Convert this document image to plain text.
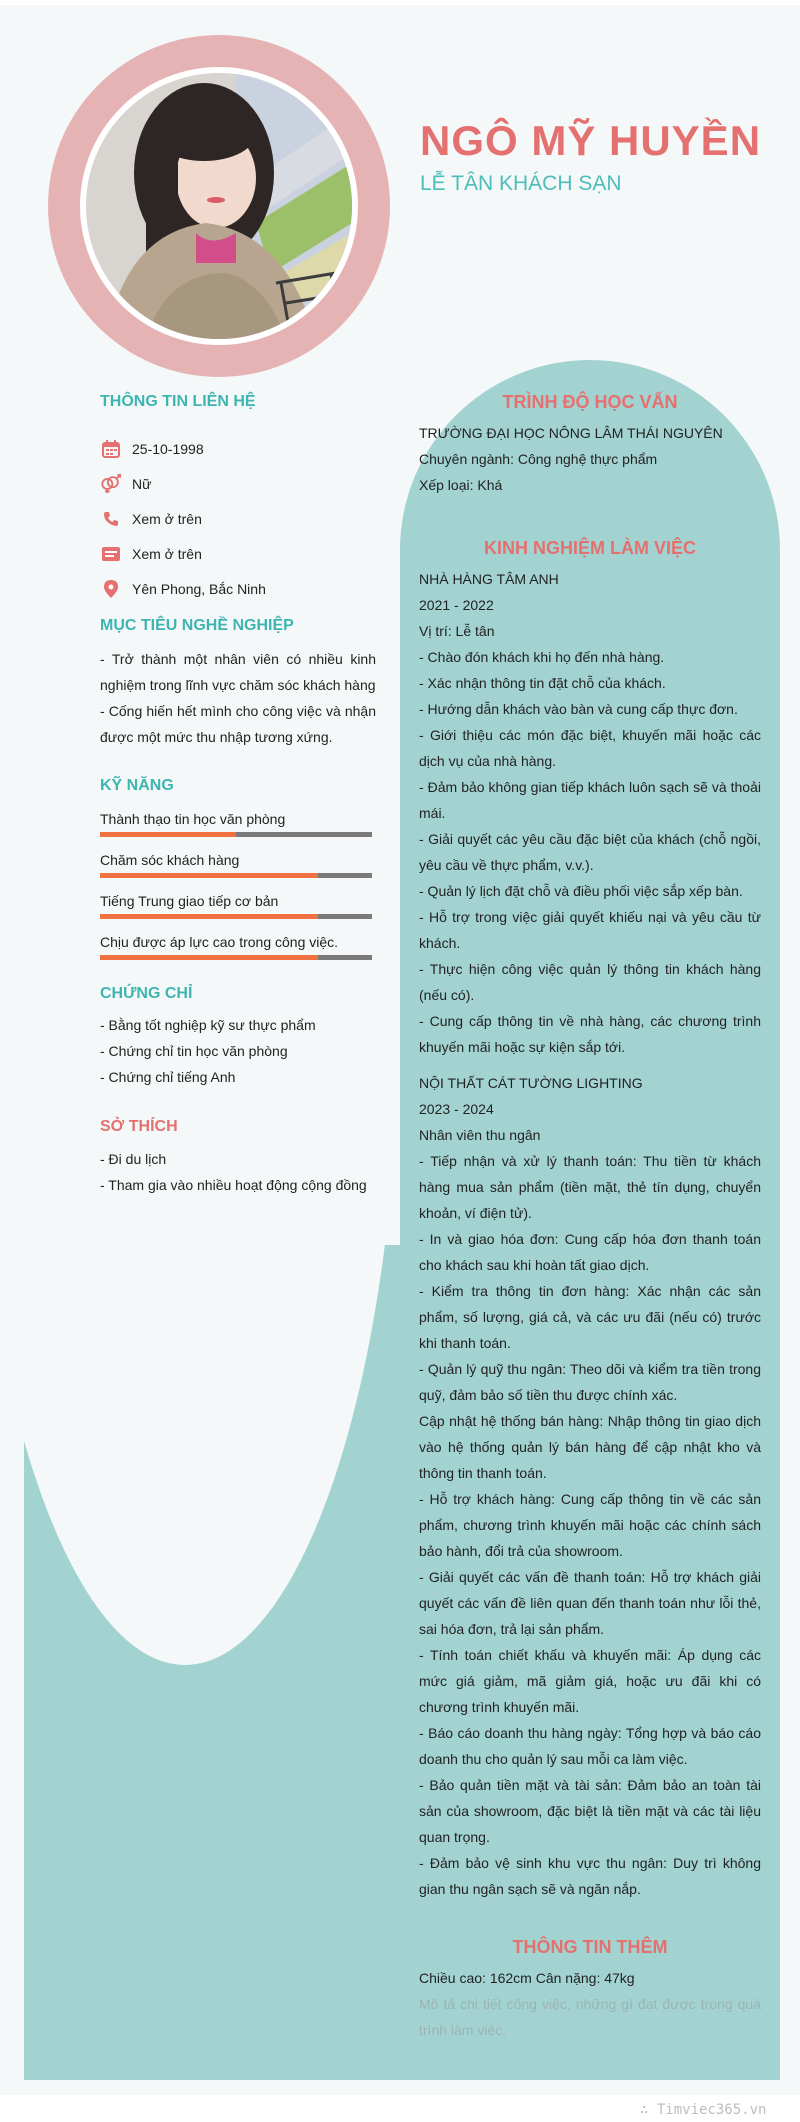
NGÔ MỸ HUYỀN
LỄ TÂN KHÁCH SẠN
THÔNG TIN LIÊN HỆ
25-10-1998
Nữ
Xem ở trên
Xem ở trên
Yên Phong, Bắc Ninh
MỤC TIÊU NGHỀ NGHIỆP
- Trở thành một nhân viên có nhiều kinh nghiệm trong lĩnh vực chăm sóc khách hàng
- Cống hiến hết mình cho công việc và nhận được một mức thu nhập tương xứng.
KỸ NĂNG
Thành thạo tin học văn phòng
Chăm sóc khách hàng
Tiếng Trung giao tiếp cơ bản
Chịu được áp lực cao trong công việc.
CHỨNG CHỈ
- Bằng tốt nghiệp kỹ sư thực phẩm
- Chứng chỉ tin học văn phòng
- Chứng chỉ tiếng Anh
SỞ THÍCH
- Đi du lịch
- Tham gia vào nhiều hoạt động cộng đồng
TRÌNH ĐỘ HỌC VẤN

TRƯỜNG ĐẠI HỌC NÔNG LÂM THÁI NGUYÊN

Chuyên ngành: Công nghệ thực phẩm

Xếp loại: Khá

KINH NGHIỆM LÀM VIỆC

NHÀ HÀNG TÂM ANH

2021 - 2022

Vị trí: Lễ tân

- Chào đón khách khi họ đến nhà hàng.

- Xác nhận thông tin đặt chỗ của khách.

- Hướng dẫn khách vào bàn và cung cấp thực đơn.

- Giới thiệu các món đặc biệt, khuyến mãi hoặc các dịch vụ của nhà hàng.

- Đảm bảo không gian tiếp khách luôn sạch sẽ và thoải mái.

- Giải quyết các yêu cầu đặc biệt của khách (chỗ ngồi, yêu cầu về thực phẩm, v.v.).

- Quản lý lịch đặt chỗ và điều phối việc sắp xếp bàn.

- Hỗ trợ trong việc giải quyết khiếu nại và yêu cầu từ khách.

- Thực hiện công việc quản lý thông tin khách hàng (nếu có).

- Cung cấp thông tin về nhà hàng, các chương trình khuyến mãi hoặc sự kiện sắp tới.

NỘI THẤT CÁT TƯỜNG LIGHTING

2023 - 2024

Nhân viên thu ngân

- Tiếp nhận và xử lý thanh toán: Thu tiền từ khách hàng mua sản phẩm (tiền mặt, thẻ tín dụng, chuyển khoản, ví điện tử).

- In và giao hóa đơn: Cung cấp hóa đơn thanh toán cho khách sau khi hoàn tất giao dịch.

- Kiểm tra thông tin đơn hàng: Xác nhận các sản phẩm, số lượng, giá cả, và các ưu đãi (nếu có) trước khi thanh toán.

- Quản lý quỹ thu ngân: Theo dõi và kiểm tra tiền trong quỹ, đảm bảo số tiền thu được chính xác.

Cập nhật hệ thống bán hàng: Nhập thông tin giao dịch vào hệ thống quản lý bán hàng để cập nhật kho và thông tin thanh toán.

- Hỗ trợ khách hàng: Cung cấp thông tin về các sản phẩm, chương trình khuyến mãi hoặc các chính sách bảo hành, đổi trả của showroom.

- Giải quyết các vấn đề thanh toán: Hỗ trợ khách giải quyết các vấn đề liên quan đến thanh toán như lỗi thẻ, sai hóa đơn, trả lại sản phẩm.

- Tính toán chiết khấu và khuyến mãi: Áp dụng các mức giá giảm, mã giảm giá, hoặc ưu đãi khi có chương trình khuyến mãi.

- Báo cáo doanh thu hàng ngày: Tổng hợp và báo cáo doanh thu cho quản lý sau mỗi ca làm việc.

- Bảo quản tiền mặt và tài sản: Đảm bảo an toàn tài sản của showroom, đặc biệt là tiền mặt và các tài liệu quan trọng.

- Đảm bảo vệ sinh khu vực thu ngân: Duy trì không gian thu ngân sạch sẽ và ngăn nắp.

THÔNG TIN THÊM

Chiều cao: 162cm Cân nặng: 47kg

Mô tả chi tiết công việc, những gì đạt được trong quá trình làm việc.

∴ Timviec365.vn
